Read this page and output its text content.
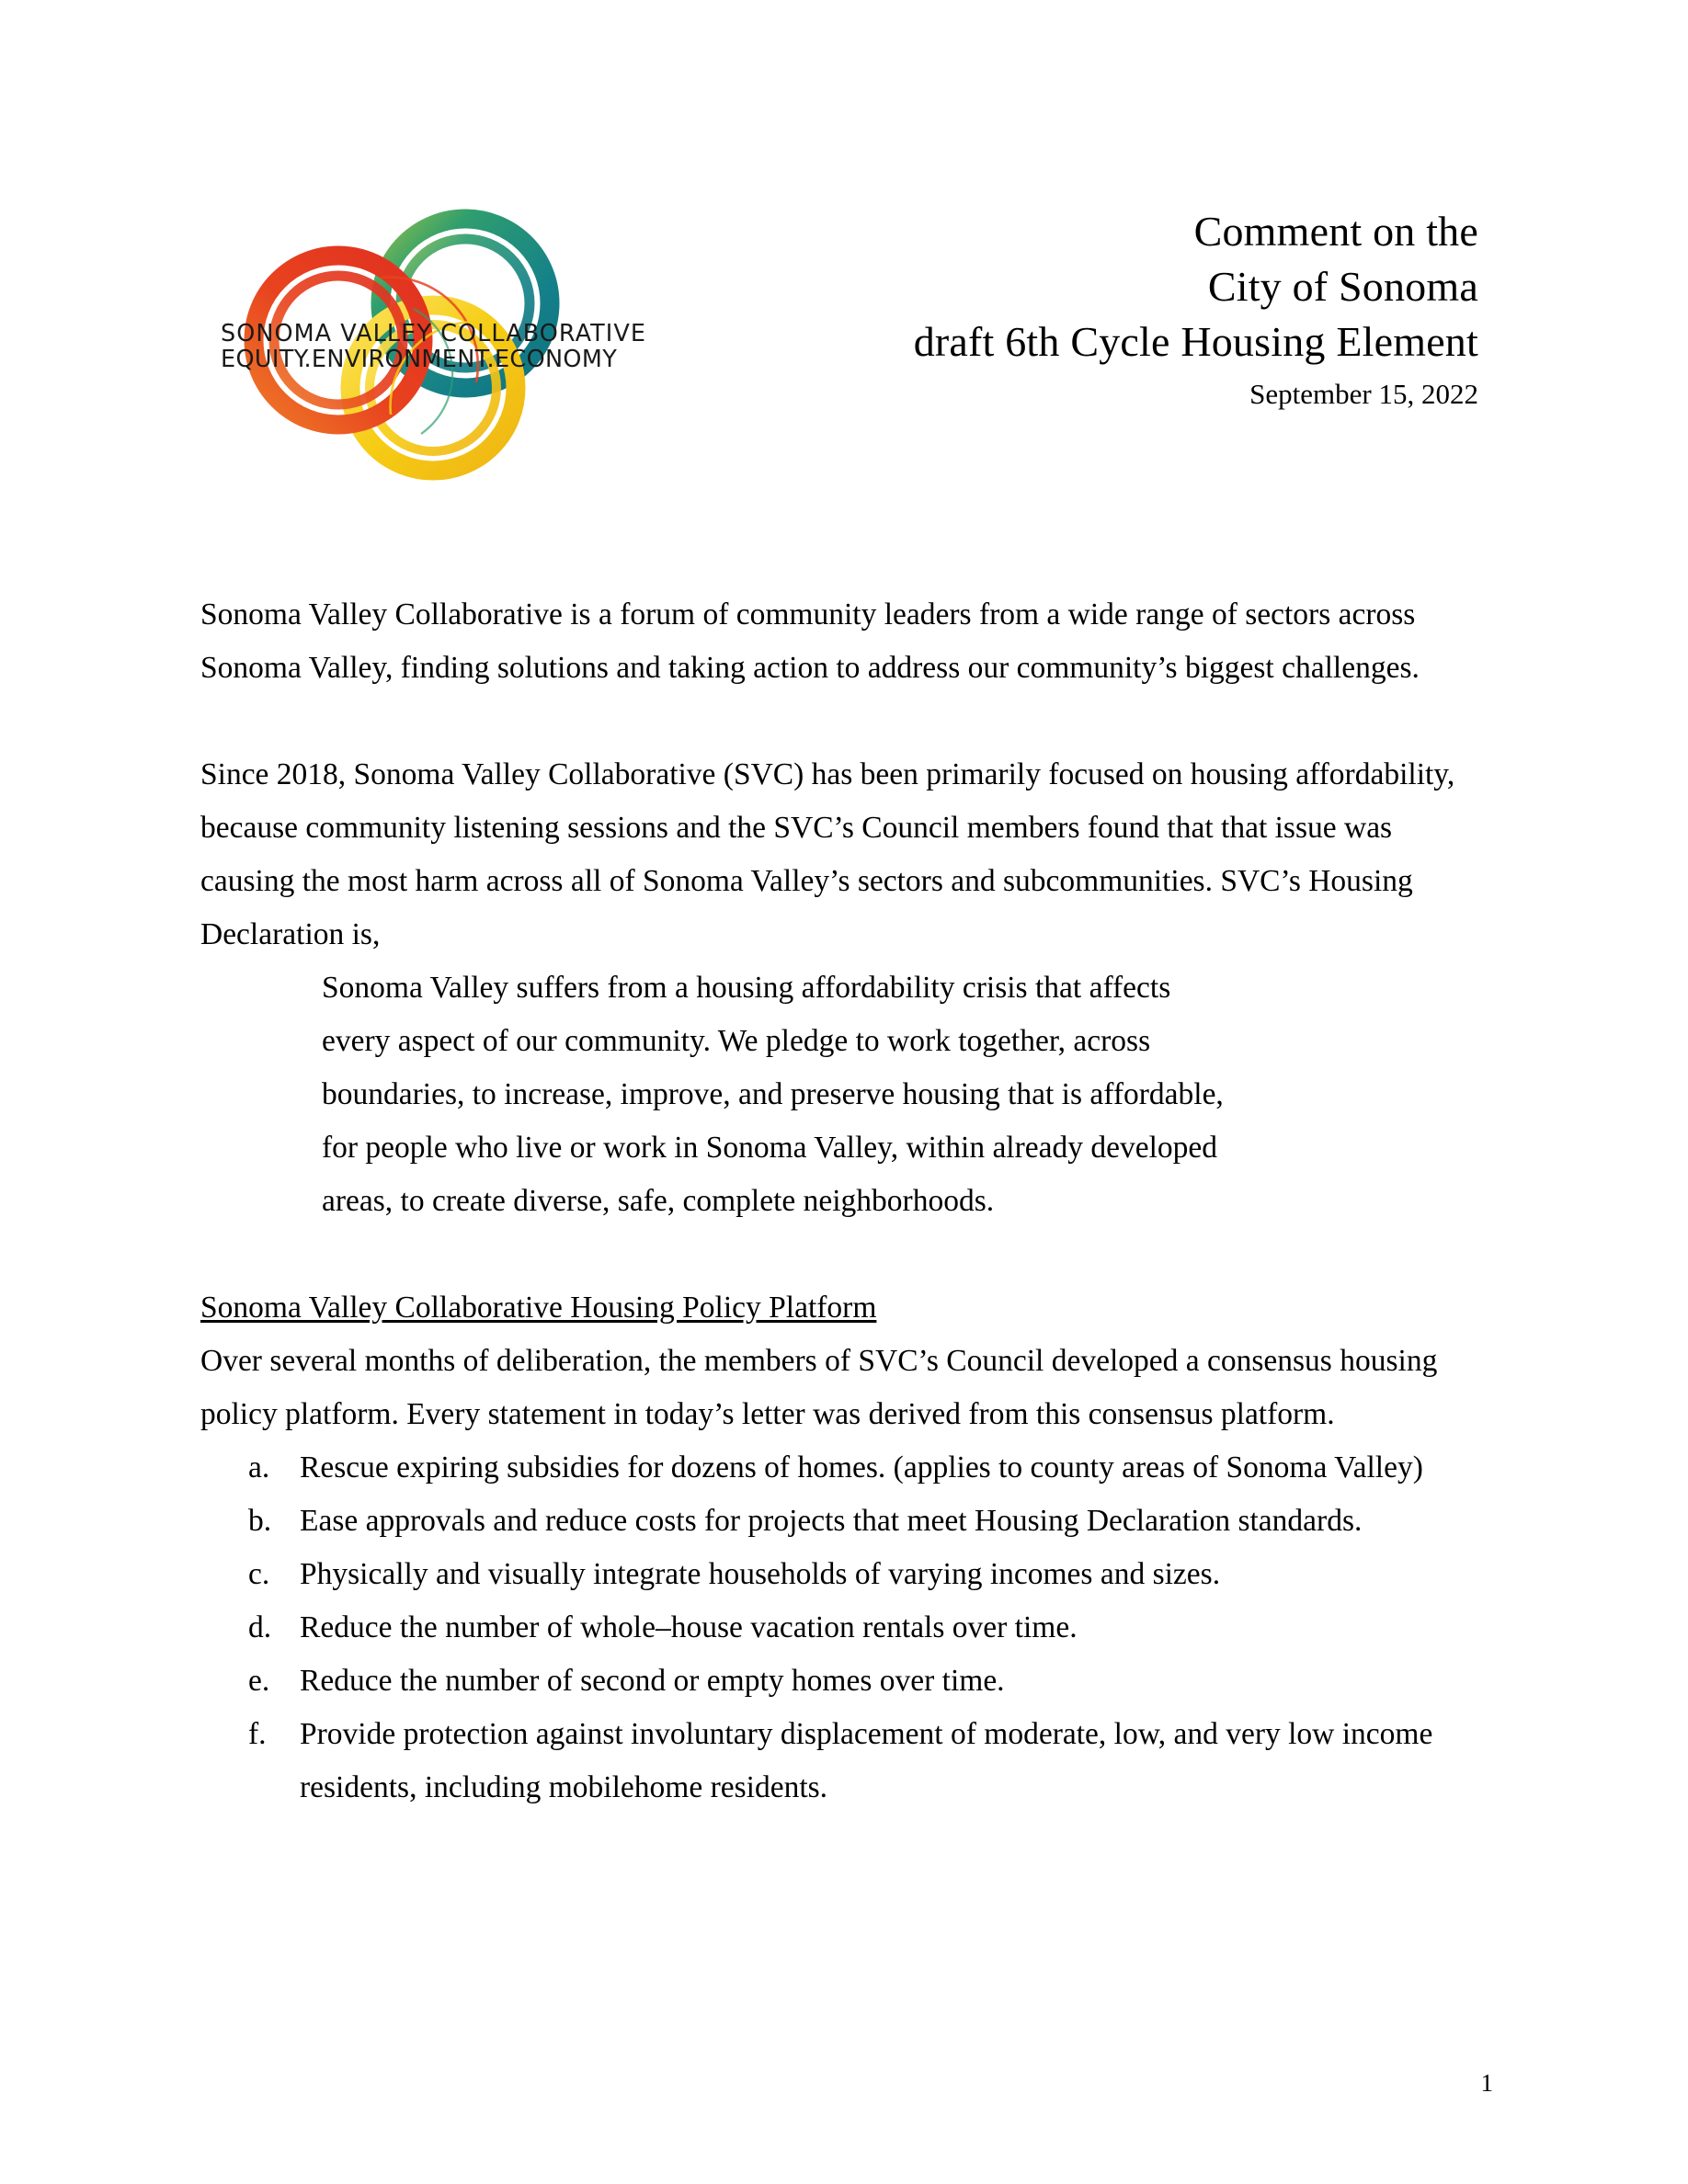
SONOMA VALLEY COLLABORATIVE
EQUITY.ENVIRONMENT.ECONOMY
Comment on the
City of Sonoma
draft 6th Cycle Housing Element
September 15, 2022

Sonoma Valley Collaborative is a forum of community leaders from a wide range of sectors across Sonoma Valley, finding solutions and taking action to address our community’s biggest challenges.

Since 2018, Sonoma Valley Collaborative (SVC) has been primarily focused on housing affordability, because community listening sessions and the SVC’s Council members found that that issue was causing the most harm across all of Sonoma Valley’s sectors and subcommunities. SVC’s Housing Declaration is,

Sonoma Valley suffers from a housing affordability crisis that affects
every aspect of our community. We pledge to work together, across
boundaries, to increase, improve, and preserve housing that is affordable,
for people who live or work in Sonoma Valley, within already developed
areas, to create diverse, safe, complete neighborhoods.
Sonoma Valley Collaborative Housing Policy Platform

Over several months of deliberation, the members of SVC’s Council developed a consensus housing policy platform. Every statement in today’s letter was derived from this consensus platform.

a. Rescue expiring subsidies for dozens of homes. (applies to county areas of Sonoma Valley)
b. Ease approvals and reduce costs for projects that meet Housing Declaration standards.
c. Physically and visually integrate households of varying incomes and sizes.
d. Reduce the number of whole–house vacation rentals over time.
e. Reduce the number of second or empty homes over time.
f.	Provide protection against involuntary displacement of moderate, low, and very low income residents, including mobilehome residents.
1
